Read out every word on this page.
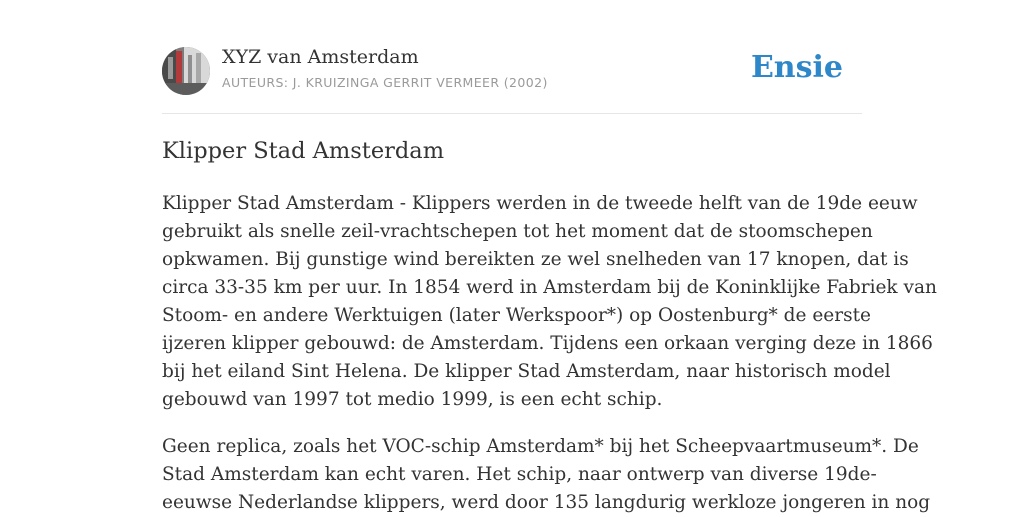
XYZ van Amsterdam
AUTEURS: J. KRUIZINGA GERRIT VERMEER (2002)	Ensie
Klipper Stad Amsterdam

Klipper Stad Amsterdam - Klippers werden in de tweede helft van de 19de eeuw
gebruikt als snelle zeil-vrachtschepen tot het moment dat de stoomschepen
opkwamen. Bij gunstige wind bereikten ze wel snelheden van 17 knopen, dat is
circa 33-35 km per uur. In 1854 werd in Amsterdam bij de Koninklijke Fabriek van
Stoom- en andere Werktuigen (later Werkspoor*) op Oostenburg* de eerste
ijzeren klipper gebouwd: de Amsterdam. Tijdens een orkaan verging deze in 1866
bij het eiland Sint Helena. De klipper Stad Amsterdam, naar historisch model
gebouwd van 1997 tot medio 1999, is een echt schip.

Geen replica, zoals het VOC-schip Amsterdam* bij het Scheepvaartmuseum*. De
Stad Amsterdam kan echt varen. Het schip, naar ontwerp van diverse 19de-
eeuwse Nederlandse klippers, werd door 135 langdurig werkloze jongeren in nog
